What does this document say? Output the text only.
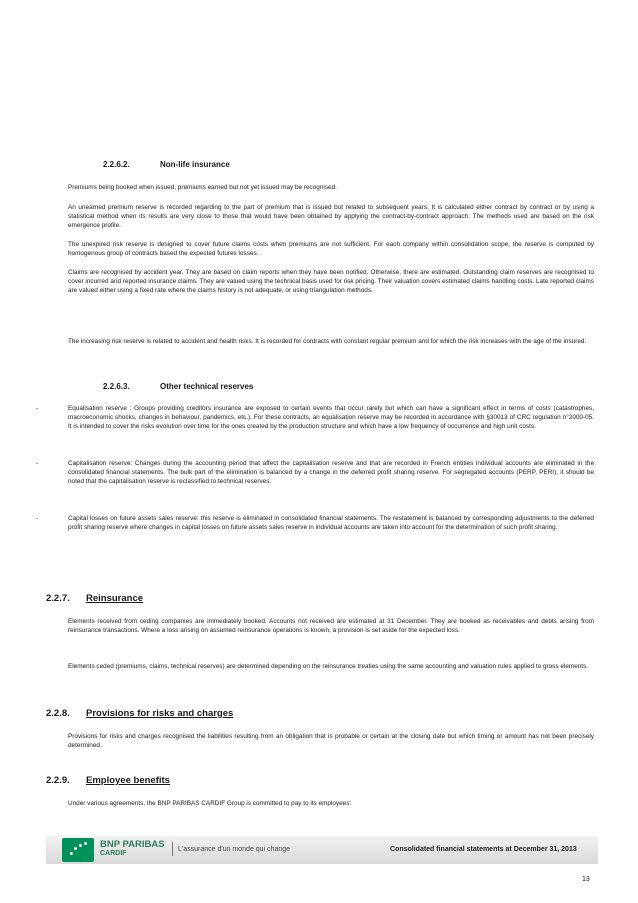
2.2.6.2.	Non-life insurance

Premiums being booked when issued, premiums earned but not yet issued may be recognised.

An unearned premium reserve is recorded regarding to the part of premium that is issued but related to subsequent years. It is calculated either contract by contract or by using a statistical method when its results are very close to those that would have been obtained by applying the contract-by-contract approach. The methods used are based on the risk emergence profile.

The unexpired risk reserve is designed to cover future claims costs when premiums are not sufficient. For each company within consolidation scope, the reserve is computed by homogenous group of contracts based the expected futures losses.

Claims are recognised by accident year. They are based on claim reports when they have been notified. Otherwise, there are estimated. Outstanding claim reserves are recognised to cover incurred and reported insurance claims. They are valued using the technical basis used for risk pricing. Their valuation covers estimated claims handling costs. Late reported claims are valued either using a fixed rate where the claims history is not adequate, or using triangulation methods.

The increasing risk reserve is related to accident and health risks. It is recorded for contracts with constant regular premium and for which the risk increases with the age of the insured.

2.2.6.3.	Other technical reserves
-	Equalisation reserve : Groups providing creditors insurance are exposed to certain events that occur rarely but which can have a significant effect in terms of costs (catastrophes, macroeconomic shocks, changes in behaviour, pandemics, etc.). For these contracts, an equalisation reserve may be recorded in accordance with §30013 of CRC regulation n°2000-05. It is intended to cover the risks evolution over time for the ones created by the production structure and which have a low frequency of occurrence and high unit costs.

-	Capitalisation reserve: Changes during the accounting period that affect the capitalisation reserve and that are recorded in French entities individual accounts are eliminated in the consolidated financial statements. The bulk part of the elimination is balanced by a change in the deferred profit sharing reserve. For segregated accounts (PERP, PERI), it should be noted that the capitalisation reserve is reclassified to technical reserves.

-	Capital losses on future assets sales reserve: this reserve is eliminated in consolidated financial statements. The restatement is balanced by corresponding adjustments to the deferred profit sharing reserve where changes in capital losses on future assets sales reserve in individual accounts are taken into account for the determination of such profit sharing.

2.2.7. Reinsurance

Elements received from ceding companies are immediately booked. Accounts not received are estimated at 31 December. They are booked as receivables and debts arising from reinsurance transactions. Where a loss arising on assumed reinsurance operations is known, a provision is set aside for the expected loss.

Elements ceded (premiums, claims, technical reserves) are determined depending on the reinsurance treaties using the same accounting and valuation rules applied to gross elements.

2.2.8. Provisions for risks and charges

Provisions for risks and charges recognised the liabilities resulting from an obligation that is probable or certain at the closing date but which timing or amount has not been precisely determined.

2.2.9. Employee benefits

Under various agreements, the BNP PARIBAS CARDIF Group is committed to pay to its employees:

BNP PARIBAS
CARDIF
L'assurance d'un monde qui change	Consolidated financial statements at December 31, 2013
13
